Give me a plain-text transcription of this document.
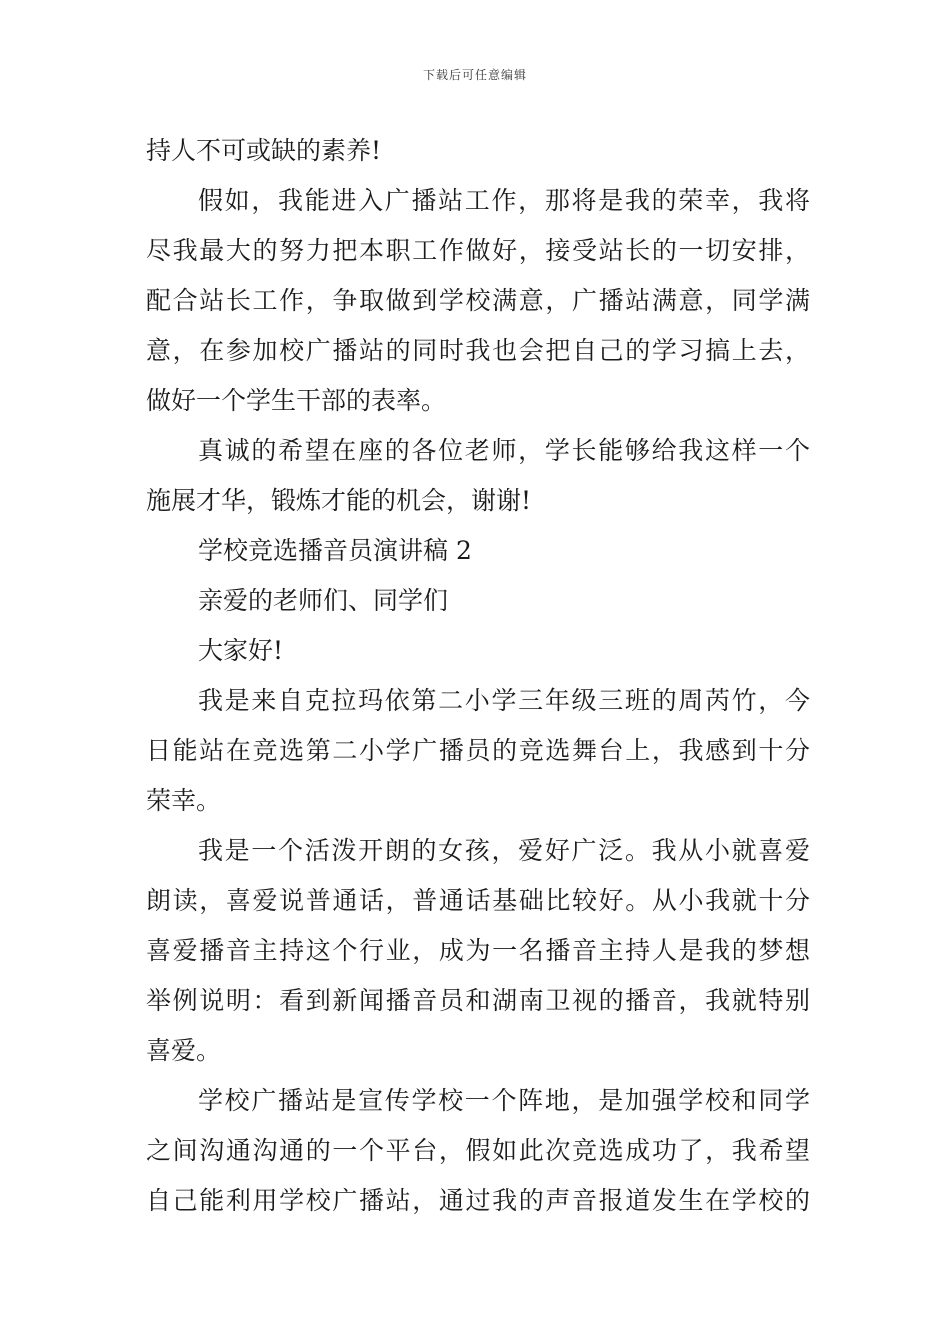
下载后可任意编辑
持人不可或缺的素养!
假如，我能进入广播站工作，那将是我的荣幸，我将
尽我最大的努力把本职工作做好，接受站长的一切安排，
配合站长工作，争取做到学校满意，广播站满意，同学满
意，在参加校广播站的同时我也会把自己的学习搞上去，
做好一个学生干部的表率。
真诚的希望在座的各位老师，学长能够给我这样一个
施展才华，锻炼才能的机会，谢谢!
学校竞选播音员演讲稿 2
亲爱的老师们、同学们
大家好!
我是来自克拉玛依第二小学三年级三班的周芮竹，今
日能站在竞选第二小学广播员的竞选舞台上，我感到十分
荣幸。
我是一个活泼开朗的女孩，爱好广泛。我从小就喜爱
朗读，喜爱说普通话，普通话基础比较好。从小我就十分
喜爱播音主持这个行业，成为一名播音主持人是我的梦想
举例说明：看到新闻播音员和湖南卫视的播音，我就特别
喜爱。
学校广播站是宣传学校一个阵地，是加强学校和同学
之间沟通沟通的一个平台，假如此次竞选成功了，我希望
自己能利用学校广播站，通过我的声音报道发生在学校的
